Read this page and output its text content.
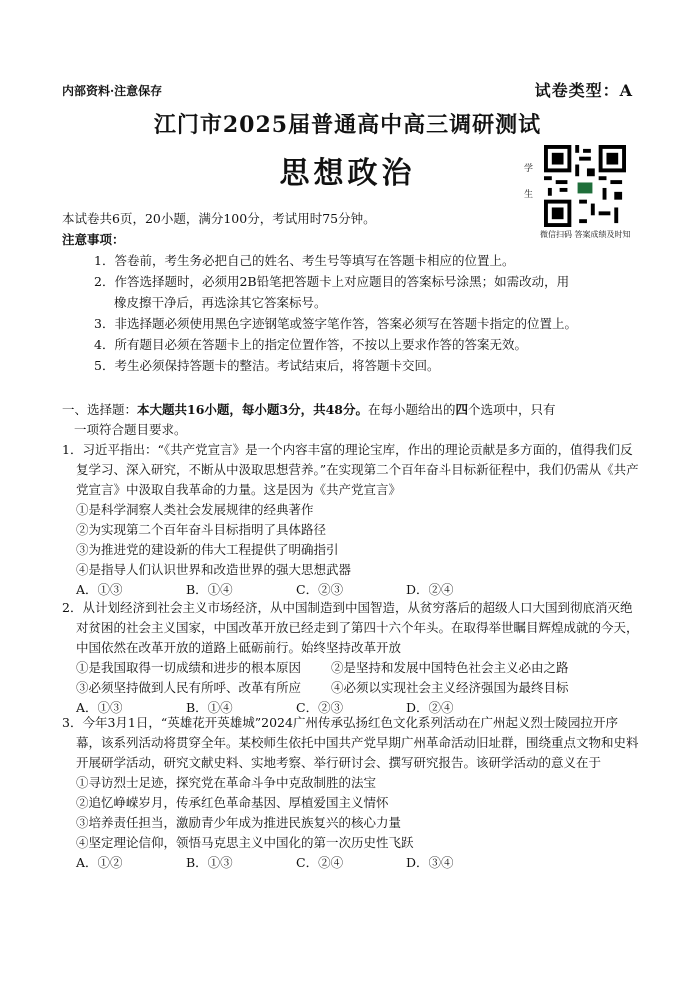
内部资料·注意保存	试卷类型：A
江门市2025届普通高中高三调研测试
思想政治	学
生
微信扫码 答案成绩及时知
本试卷共6页，20小题，满分100分，考试用时75分钟。
注意事项：

1．答卷前，考生务必把自己的姓名、考生号等填写在答题卡相应的位置上。

2．作答选择题时，必须用2B铅笔把答题卡上对应题目的答案标号涂黑；如需改动，用

橡皮擦干净后，再选涂其它答案标号。

3．非选择题必须使用黑色字迹钢笔或签字笔作答，答案必须写在答题卡指定的位置上。

4．所有题目必须在答题卡上的指定位置作答，不按以上要求作答的答案无效。

5．考生必须保持答题卡的整洁。考试结束后，将答题卡交回。

一、选择题：本大题共16小题，每小题3分，共48分。在每小题给出的四个选项中，只有
一项符合题目要求。
1．习近平指出：“《共产党宣言》是一个内容丰富的理论宝库，作出的理论贡献是多方面的，值得我们反复学习、深入研究，不断从中汲取思想营养。”在实现第二个百年奋斗目标新征程中，我们仍需从《共产党宣言》中汲取自我革命的力量。这是因为《共产党宣言》
①是科学洞察人类社会发展规律的经典著作
②为实现第二个百年奋斗目标指明了具体路径
③为推进党的建设新的伟大工程提供了明确指引
④是指导人们认识世界和改造世界的强大思想武器
A．①③	B．①④	C．②③	D．②④
2．从计划经济到社会主义市场经济，从中国制造到中国智造，从贫穷落后的超级人口大国到彻底消灭绝对贫困的社会主义国家，中国改革开放已经走到了第四十六个年头。在取得举世瞩目辉煌成就的今天，中国依然在改革开放的道路上砥砺前行。始终坚持改革开放
①是我国取得一切成绩和进步的根本原因	②是坚持和发展中国特色社会主义必由之路
③必须坚持做到人民有所呼、改革有所应	④必须以实现社会主义经济强国为最终目标
A．①③	B．①④	C．②③	D．②④
3．今年3月1日，“英雄花开英雄城”2024广州传承弘扬红色文化系列活动在广州起义烈士陵园拉开序幕，该系列活动将贯穿全年。某校师生依托中国共产党早期广州革命活动旧址群，围绕重点文物和史料开展研学活动，研究文献史料、实地考察、举行研讨会、撰写研究报告。该研学活动的意义在于
①寻访烈士足迹，探究党在革命斗争中克敌制胜的法宝
②追忆峥嵘岁月，传承红色革命基因、厚植爱国主义情怀
③培养责任担当，激励青少年成为推进民族复兴的核心力量
④坚定理论信仰，领悟马克思主义中国化的第一次历史性飞跃
A．①②	B．①③	C．②④	D．③④
